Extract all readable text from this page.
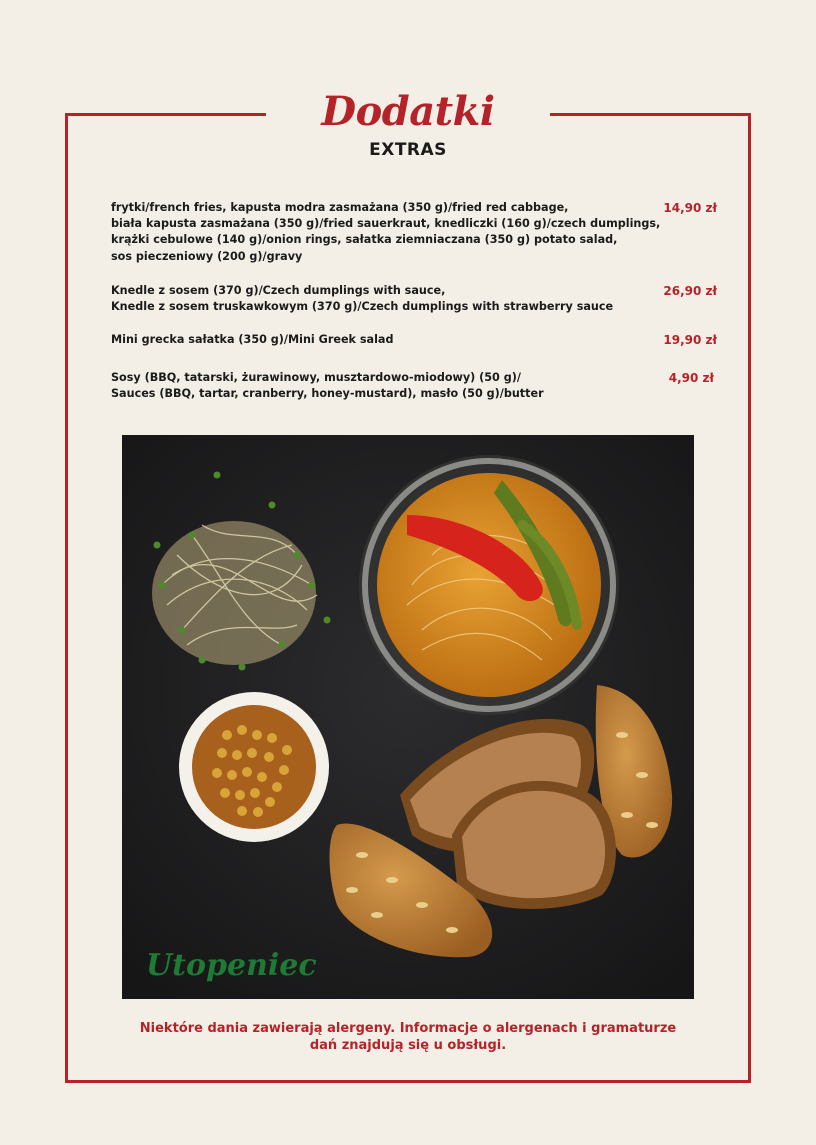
Dodatki
EXTRAS
frytki/french fries, kapusta modra zasmażana (350 g)/fried red cabbage,
biała kapusta zasmażana (350 g)/fried sauerkraut, knedliczki (160 g)/czech dumplings,
krążki cebulowe (140 g)/onion rings, sałatka ziemniaczana (350 g) potato salad,
sos pieczeniowy (200 g)/gravy
14,90 zł
Knedle z sosem (370 g)/Czech dumplings with sauce,
Knedle z sosem truskawkowym (370 g)/Czech dumplings with strawberry sauce
26,90 zł
Mini grecka sałatka (350 g)/Mini Greek salad	19,90 zł
Sosy (BBQ, tatarski, żurawinowy, musztardowo-miodowy) (50 g)/
Sauces (BBQ, tartar, cranberry, honey-mustard), masło (50 g)/butter
4,90 zł
Utopeniec
Niektóre dania zawierają alergeny. Informacje o alergenach i gramaturze
dań znajdują się u obsługi.
